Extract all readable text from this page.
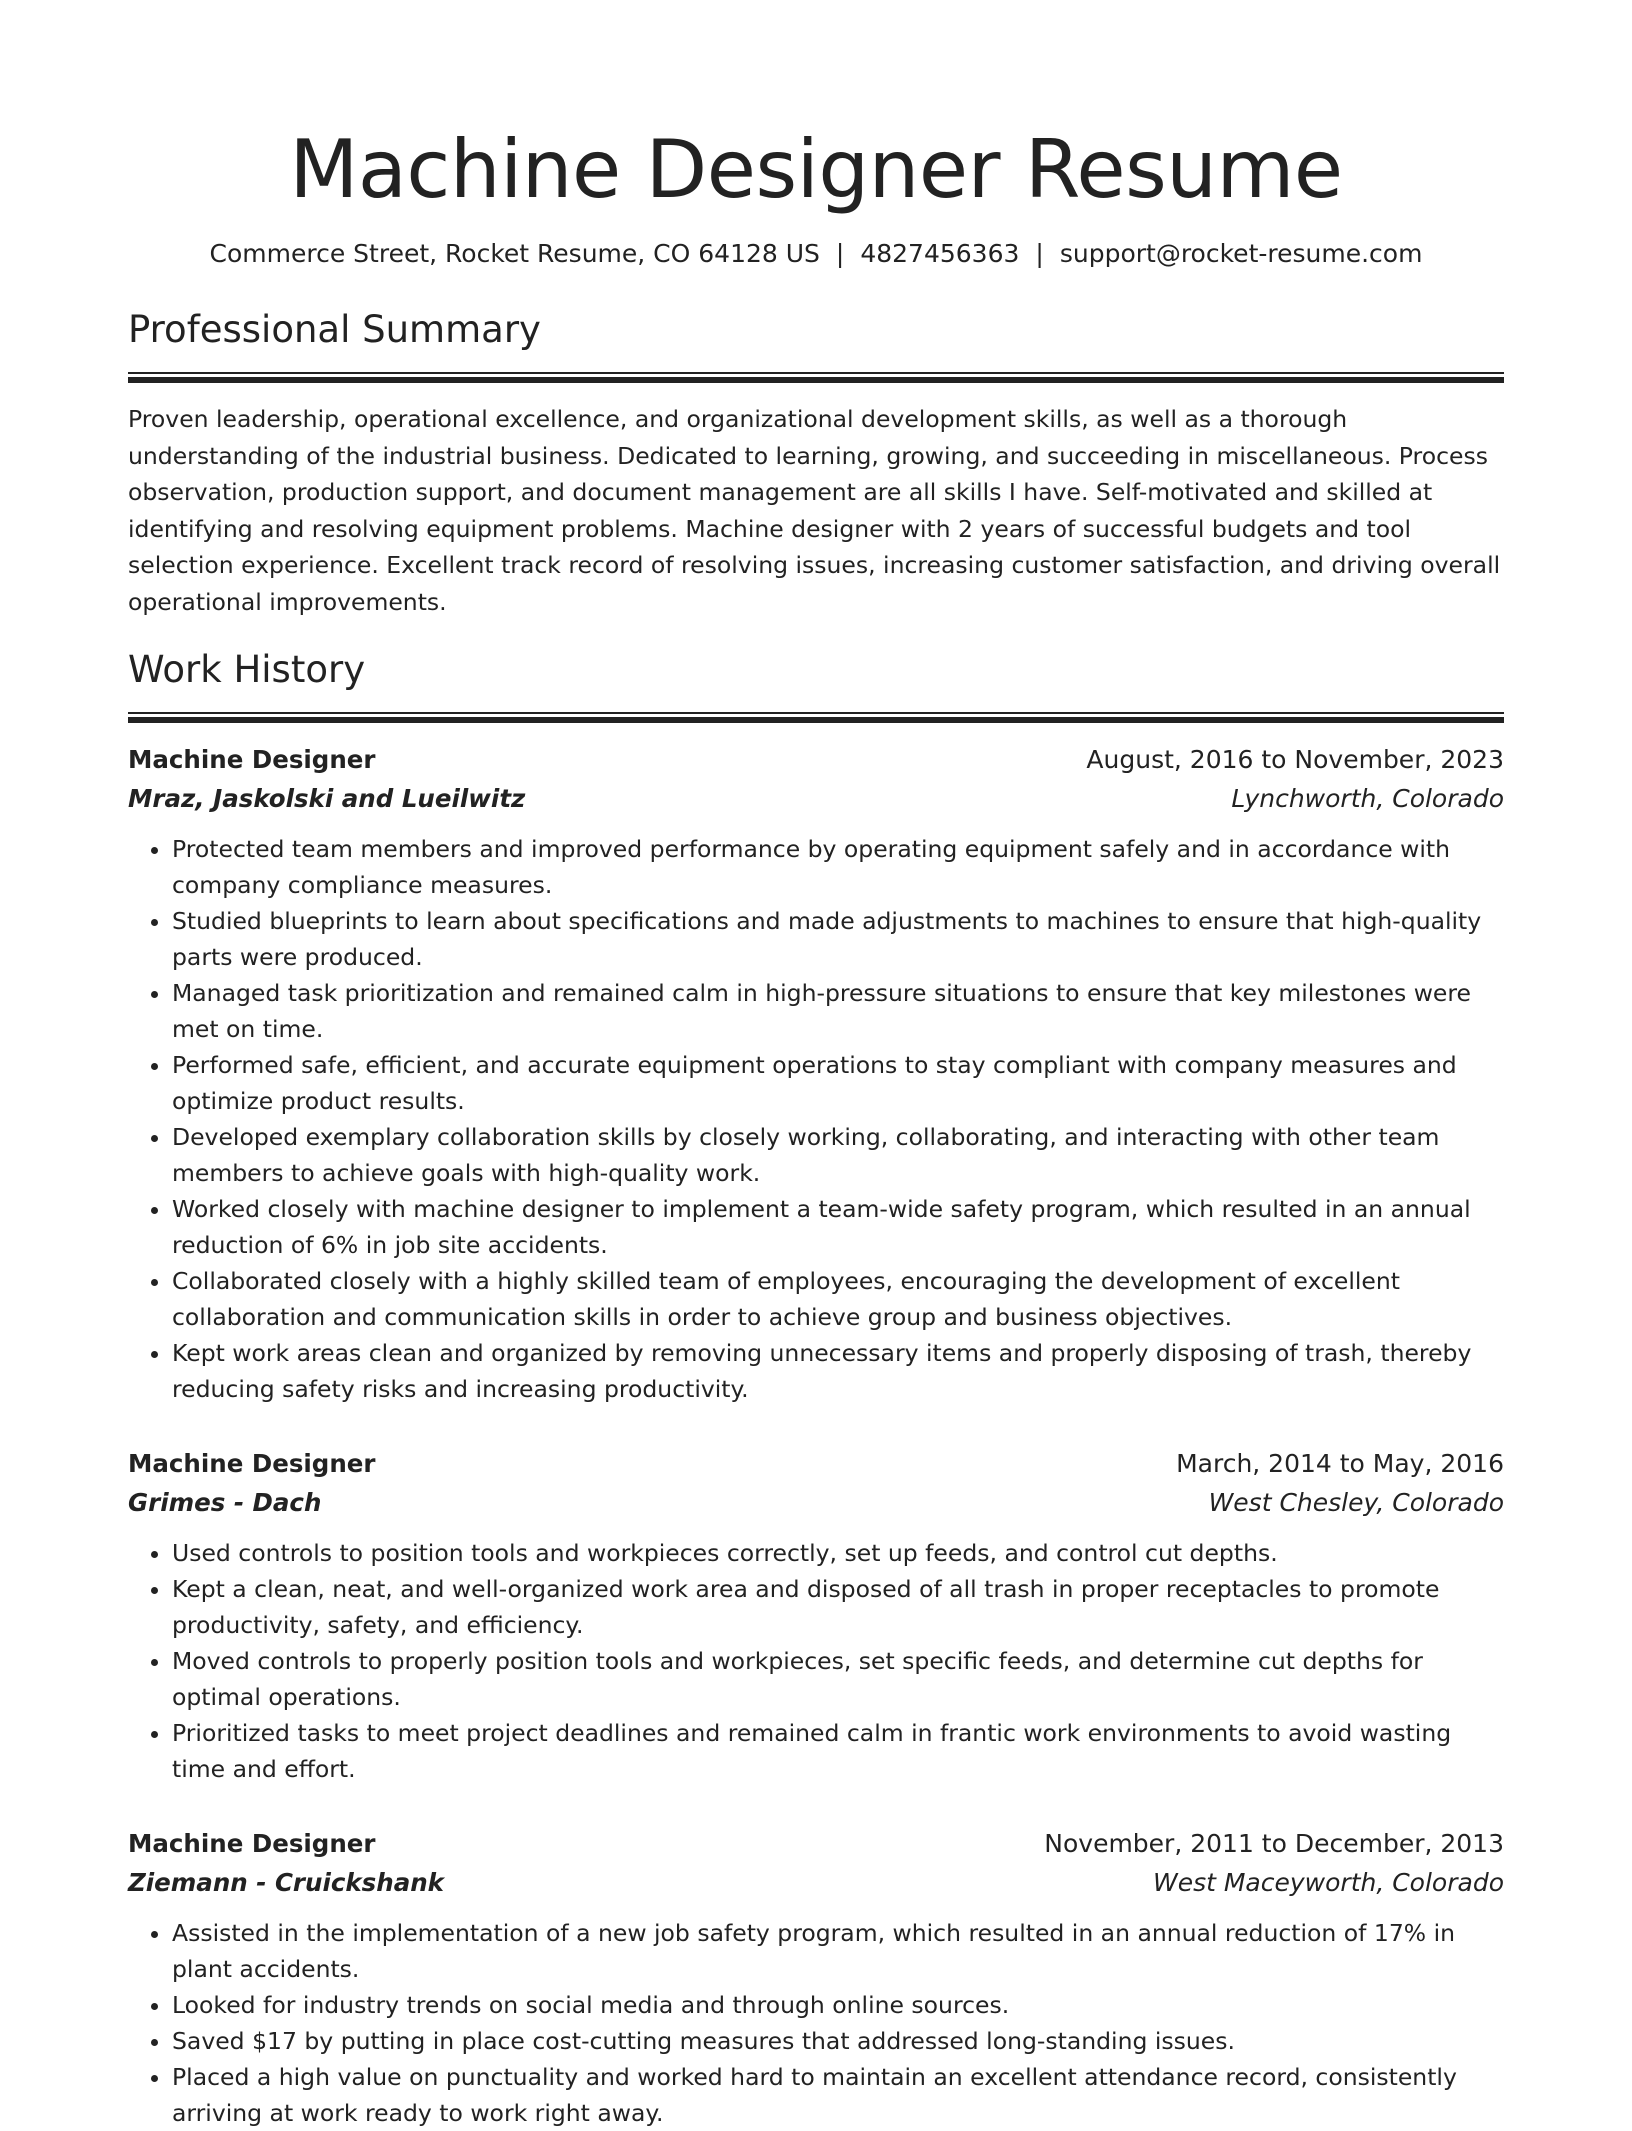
Machine Designer Resume
Commerce Street, Rocket Resume, CO 64128 US | 4827456363 | support@rocket-resume.com
Professional Summary

Proven leadership, operational excellence, and organizational development skills, as well as a thorough understanding of the industrial business. Dedicated to learning, growing, and succeeding in miscellaneous. Process observation, production support, and document management are all skills I have. Self-motivated and skilled at identifying and resolving equipment problems. Machine designer with 2 years of successful budgets and tool selection experience. Excellent track record of resolving issues, increasing customer satisfaction, and driving overall operational improvements.

Work History
Machine Designer	August, 2016 to November, 2023
Mraz, Jaskolski and Lueilwitz	Lynchworth, Colorado
• Protected team members and improved performance by operating equipment safely and in accordance with company compliance measures.
• Studied blueprints to learn about specifications and made adjustments to machines to ensure that high-quality parts were produced.
• Managed task prioritization and remained calm in high-pressure situations to ensure that key milestones were met on time.
• Performed safe, efficient, and accurate equipment operations to stay compliant with company measures and optimize product results.
• Developed exemplary collaboration skills by closely working, collaborating, and interacting with other team members to achieve goals with high-quality work.
• Worked closely with machine designer to implement a team-wide safety program, which resulted in an annual reduction of 6% in job site accidents.
• Collaborated closely with a highly skilled team of employees, encouraging the development of excellent collaboration and communication skills in order to achieve group and business objectives.
• Kept work areas clean and organized by removing unnecessary items and properly disposing of trash, thereby reducing safety risks and increasing productivity.
Machine Designer	March, 2014 to May, 2016
Grimes - Dach	West Chesley, Colorado
• Used controls to position tools and workpieces correctly, set up feeds, and control cut depths.
• Kept a clean, neat, and well-organized work area and disposed of all trash in proper receptacles to promote productivity, safety, and efficiency.
• Moved controls to properly position tools and workpieces, set specific feeds, and determine cut depths for optimal operations.
• Prioritized tasks to meet project deadlines and remained calm in frantic work environments to avoid wasting time and effort.
Machine Designer	November, 2011 to December, 2013
Ziemann - Cruickshank	West Maceyworth, Colorado
• Assisted in the implementation of a new job safety program, which resulted in an annual reduction of 17% in plant accidents.
• Looked for industry trends on social media and through online sources.
• Saved $17 by putting in place cost-cutting measures that addressed long-standing issues.
• Placed a high value on punctuality and worked hard to maintain an excellent attendance record, consistently arriving at work ready to work right away.
